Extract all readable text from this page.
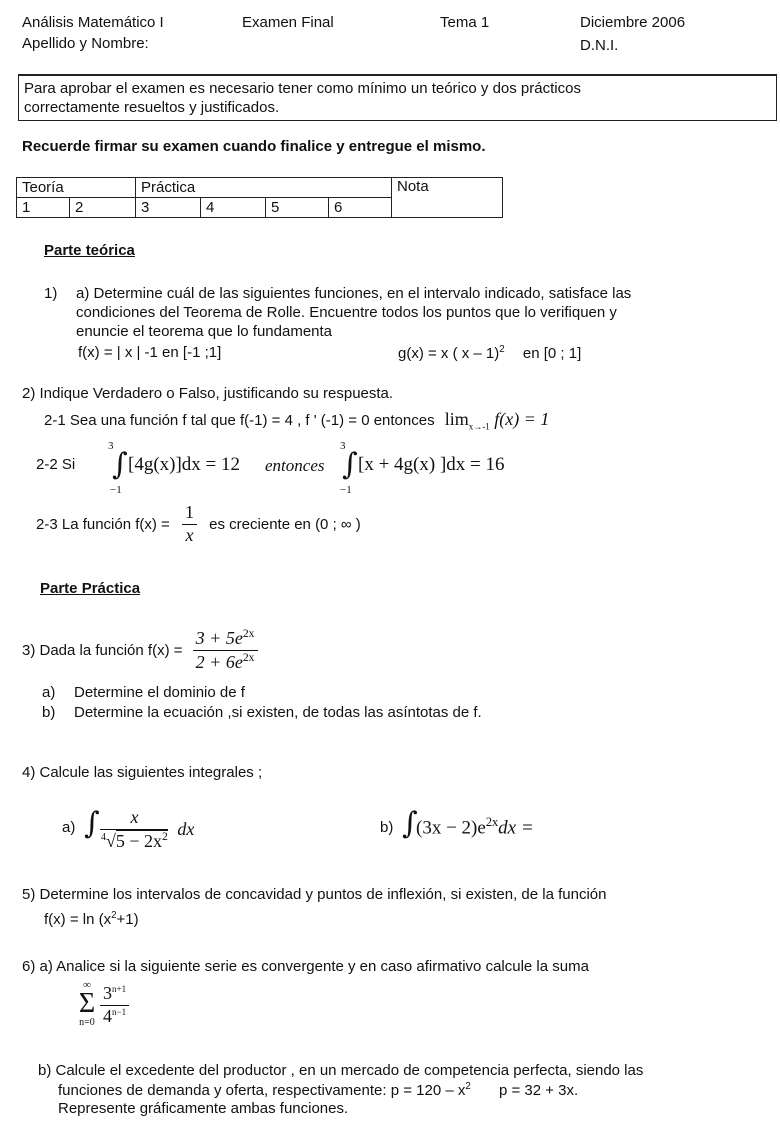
Análisis Matemático I	Examen Final	Tema 1	Diciembre 2006
Apellido y Nombre:	D.N.I.
Para aprobar el examen es necesario tener como mínimo un teórico y dos prácticos
correctamente resueltos y justificados.
Recuerde firmar su examen cuando finalice y entregue el mismo.
Teoría		Práctica				Nota
1	2	3	4	5	6	
Parte teórica
1) a) Determine cuál de las siguientes funciones, en el intervalo indicado, satisface las
condiciones del Teorema de Rolle. Encuentre todos los puntos que lo verifiquen y
enuncie el teorema que lo fundamenta
f(x) = | x | -1 en [-1 ;1]	g(x) = x ( x – 1)$^2$ en [0 ; 1]
2) Indique Verdadero o Falso, justificando su respuesta.
2-1 Sea una función f tal que f(-1) = 4 , f ' (-1) = 0 entonces $\lim_{x\to-1} f(x) = 1$
2-2 Si
3
∫
−1
[4g(x)]dx = 12 entonces
3
∫
−1
[x + 4g(x) ]dx = 16
2-3 La función $f(x) = \frac{1}{x}$ es creciente en (0 ; ∞ )
Parte Práctica
3) Dada la función $f(x) = \frac{3 + 5e^{2x}}{2 + 6e^{2x}}$
a) Determine el dominio de f
b) Determine la ecuación ,si existen, de todas las asíntotas de f.
4) Calcule las siguientes integrales ;
a) ∫
$\frac{x}{^4√5 - 2x^2}$ dx	b) ∫
$(3x - 2)e^{2x}dx$ =
5) Determine los intervalos de concavidad y puntos de inflexión, si existen, de la función
$f(x) = \ln (x^2+1)$
6) a) Analice si la siguiente serie es convergente y en caso afirmativo calcule la suma
∞
Σ
$n=0 \frac{3^{n+1}}{4^{n-1}}$
b) Calcule el excedente del productor , en un mercado de competencia perfecta, siendo las
funciones de demanda y oferta, respectivamente: $p = 120 - x^2$ p = 32 + 3x.
Represente gráficamente ambas funciones.
